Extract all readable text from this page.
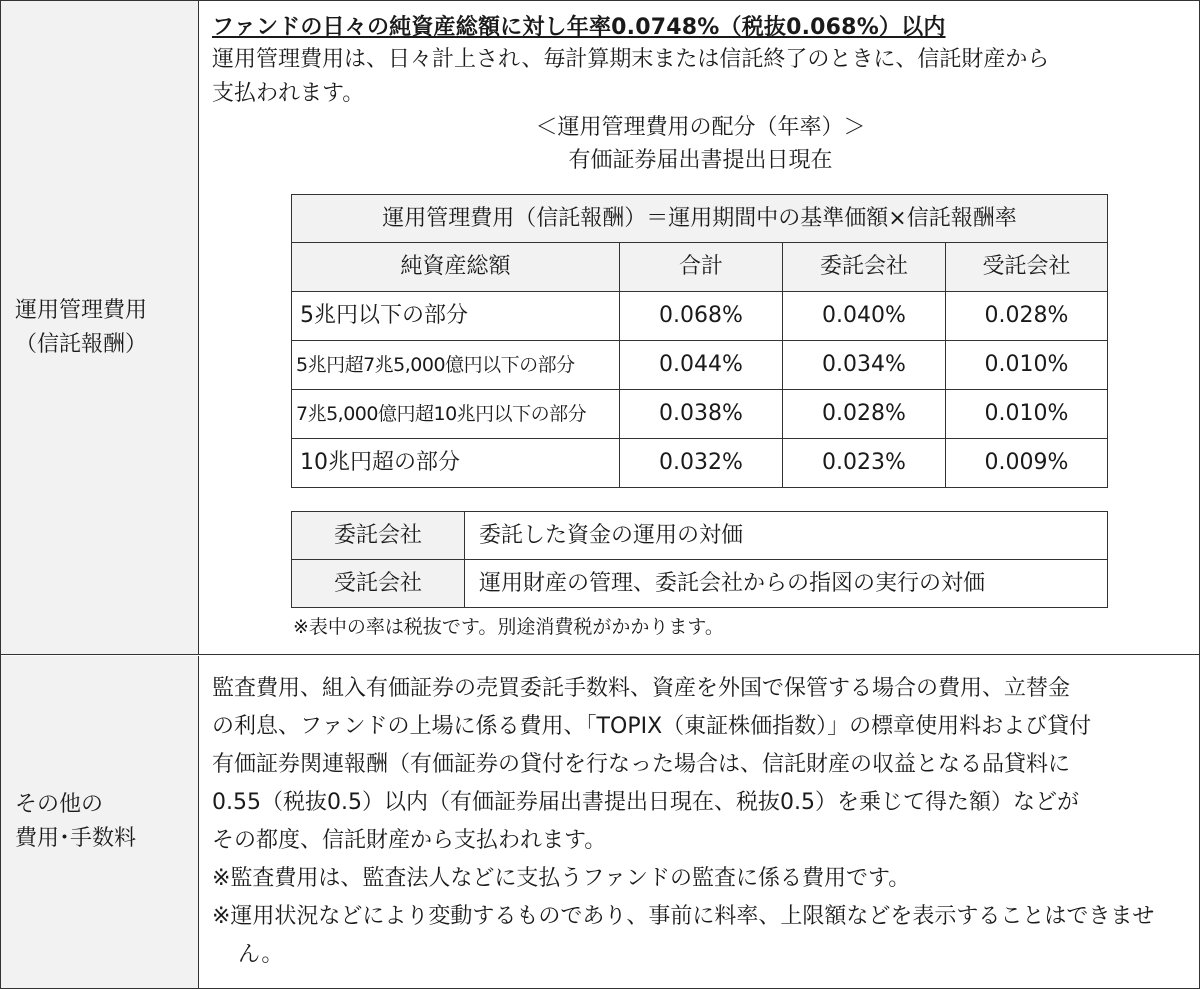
運用管理費用
（信託報酬）
ファンドの日々の純資産総額に対し年率0.0748%（税抜0.068%）以内

運用管理費用は、日々計上され、毎計算期末または信託終了のときに、信託財産から

支払われます。

＜運用管理費用の配分（年率）＞

有価証券届出書提出日現在

運用管理費用（信託報酬）＝運用期間中の基準価額×信託報酬率			
純資産総額	合計	委託会社	受託会社
5兆円以下の部分	0.068%	0.040%	0.028%
5兆円超7兆5,000億円以下の部分	0.044%	0.034%	0.010%
7兆5,000億円超10兆円以下の部分	0.038%	0.028%	0.010%
10兆円超の部分	0.032%	0.023%	0.009%
委託会社	委託した資金の運用の対価
受託会社	運用財産の管理、委託会社からの指図の実行の対価
※表中の率は税抜です。別途消費税がかかります。
その他の
費用･手数料

監査費用、組入有価証券の売買委託手数料、資産を外国で保管する場合の費用、立替金

の利息、ファンドの上場に係る費用、「TOPIX（東証株価指数）」の標章使用料および貸付

有価証券関連報酬（有価証券の貸付を行なった場合は、信託財産の収益となる品貸料に

0.55（税抜0.5）以内（有価証券届出書提出日現在、税抜0.5）を乗じて得た額）などが

その都度、信託財産から支払われます。

※監査費用は、監査法人などに支払うファンドの監査に係る費用です。

※運用状況などにより変動するものであり、事前に料率、上限額などを表示することはできません。
